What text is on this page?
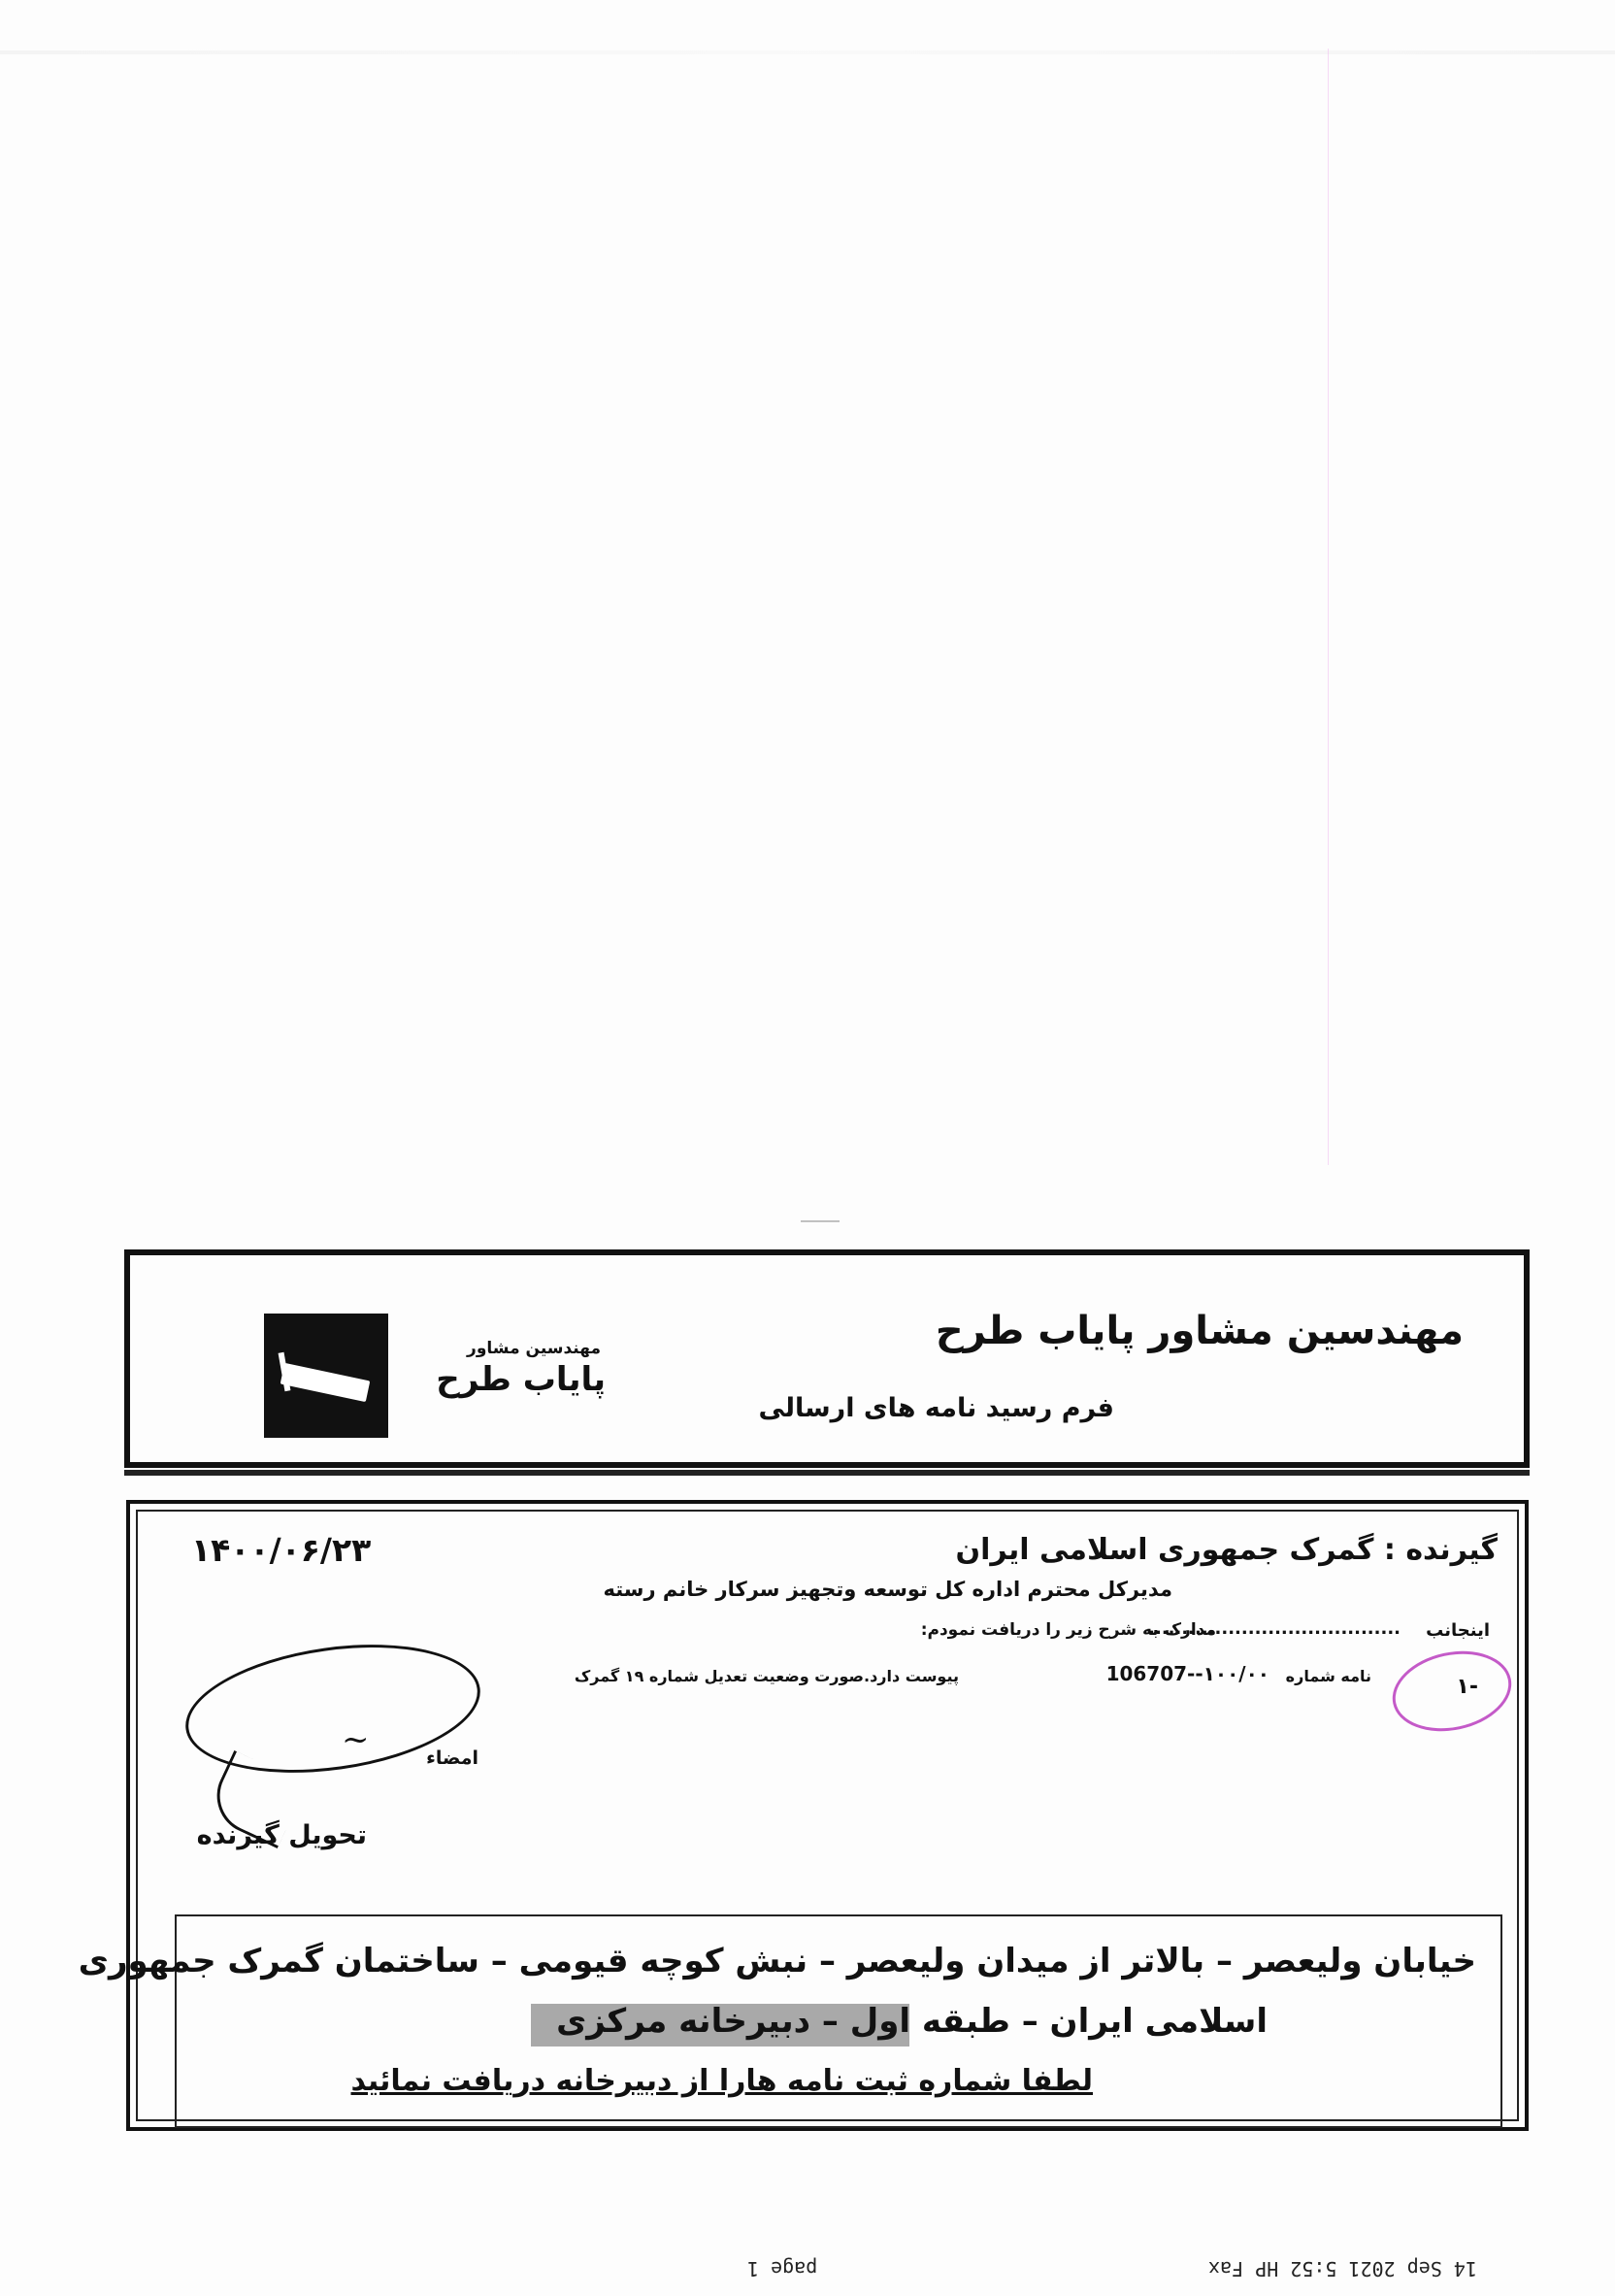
مهندسین مشاور
پایاب طرح
مهندسین مشاور پایاب طرح
فرم رسید نامه های ارسالی
گیرنده : گمرک جمهوری اسلامی ایران
۱۴۰۰/۰۶/۲۳
مدیرکل محترم اداره کل توسعه وتجهیز سرکار خانم رسته
اینجانب
......................................
مدارک به شرح زیر را دریافت نمودم:
-۱
نامه شماره
106707--۱۰۰/۰۰
پیوست دارد.صورت وضعیت تعدیل شماره ۱۹ گمرک
~	امضاء
تحویل گیرنده
خیابان ولیعصر – بالاتر از میدان ولیعصر – نبش کوچه قیومی – ساختمان گمرک جمهوری
اسلامی ایران – طبقه اول – دبیرخانه مرکزی
لطفا شماره ثبت نامه هارا از دبیرخانه دریافت نمائید
page 1	14 Sep 2021 5:52 HP Fax
